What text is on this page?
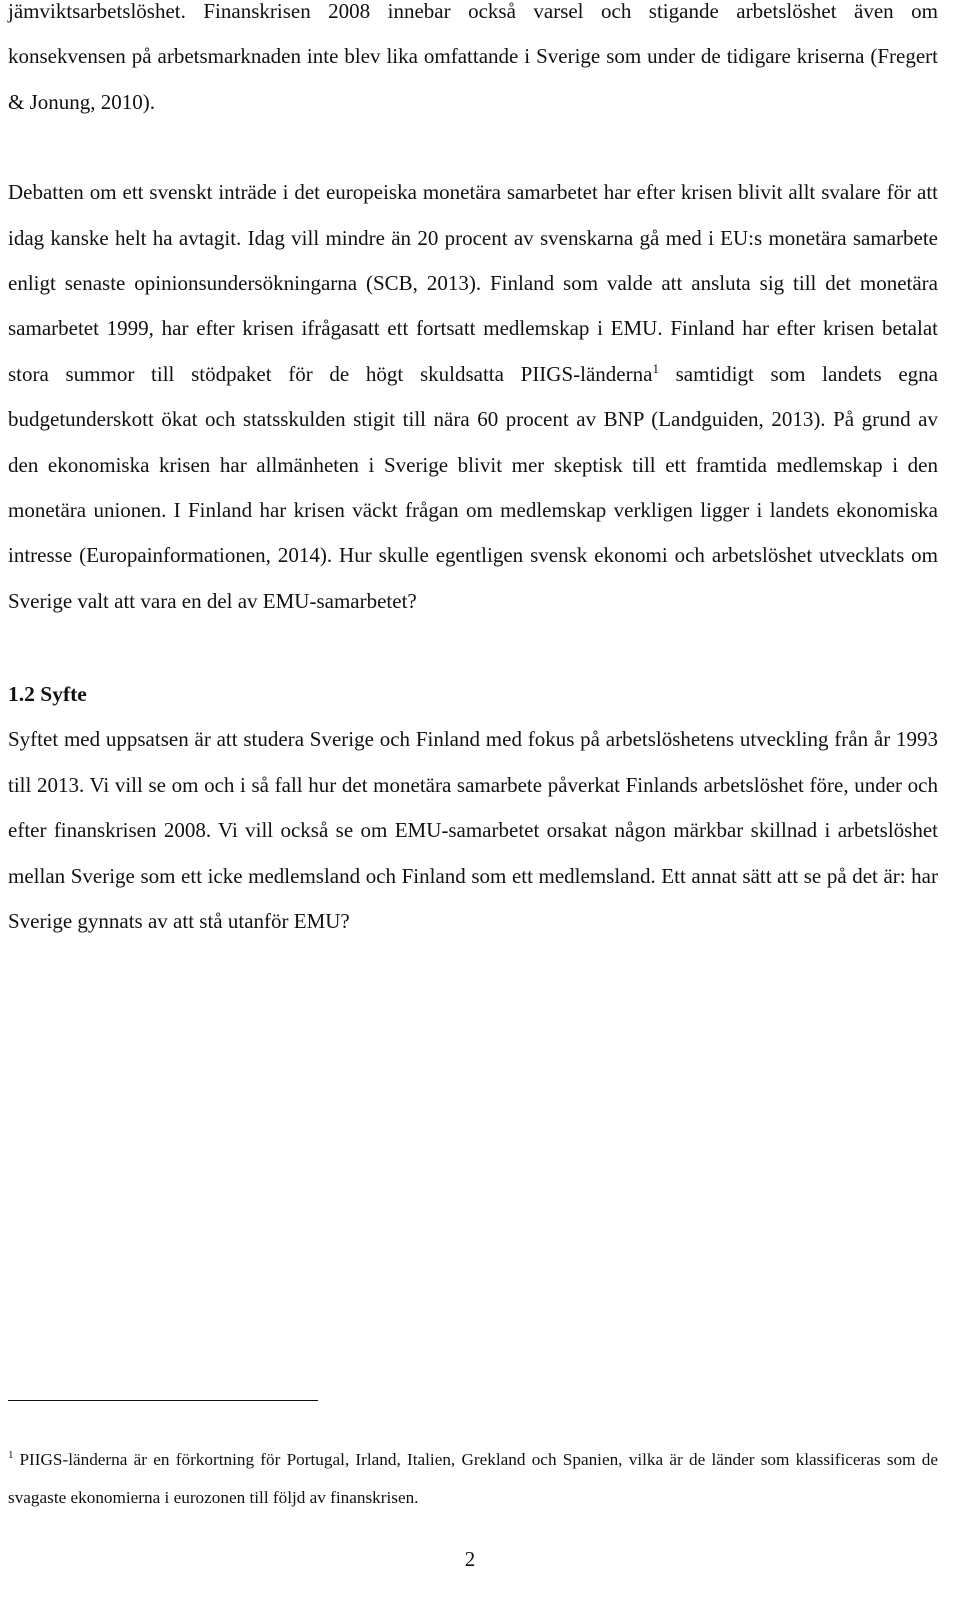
jämviktsarbetslöshet. Finanskrisen 2008 innebar också varsel och stigande arbetslöshet även om konsekvensen på arbetsmarknaden inte blev lika omfattande i Sverige som under de tidigare kriserna (Fregert & Jonung, 2010).

Debatten om ett svenskt inträde i det europeiska monetära samarbetet har efter krisen blivit allt svalare för att idag kanske helt ha avtagit. Idag vill mindre än 20 procent av svenskarna gå med i EU:s monetära samarbete enligt senaste opinionsundersökningarna (SCB, 2013). Finland som valde att ansluta sig till det monetära samarbetet 1999, har efter krisen ifrågasatt ett fortsatt medlemskap i EMU. Finland har efter krisen betalat stora summor till stödpaket för de högt skuldsatta PIIGS-länderna$^1$ samtidigt som landets egna budgetunderskott ökat och statsskulden stigit till nära 60 procent av BNP (Landguiden, 2013). På grund av den ekonomiska krisen har allmänheten i Sverige blivit mer skeptisk till ett framtida medlemskap i den monetära unionen. I Finland har krisen väckt frågan om medlemskap verkligen ligger i landets ekonomiska intresse (Europainformationen, 2014). Hur skulle egentligen svensk ekonomi och arbetslöshet utvecklats om Sverige valt att vara en del av EMU-samarbetet?

1.2 Syfte

Syftet med uppsatsen är att studera Sverige och Finland med fokus på arbetslöshetens utveckling från år 1993 till 2013. Vi vill se om och i så fall hur det monetära samarbete påverkat Finlands arbetslöshet före, under och efter finanskrisen 2008. Vi vill också se om EMU-samarbetet orsakat någon märkbar skillnad i arbetslöshet mellan Sverige som ett icke medlemsland och Finland som ett medlemsland. Ett annat sätt att se på det är: har Sverige gynnats av att stå utanför EMU?

$^1$ PIIGS-länderna är en förkortning för Portugal, Irland, Italien, Grekland och Spanien, vilka är de länder som klassificeras som de svagaste ekonomierna i eurozonen till följd av finanskrisen.

2
